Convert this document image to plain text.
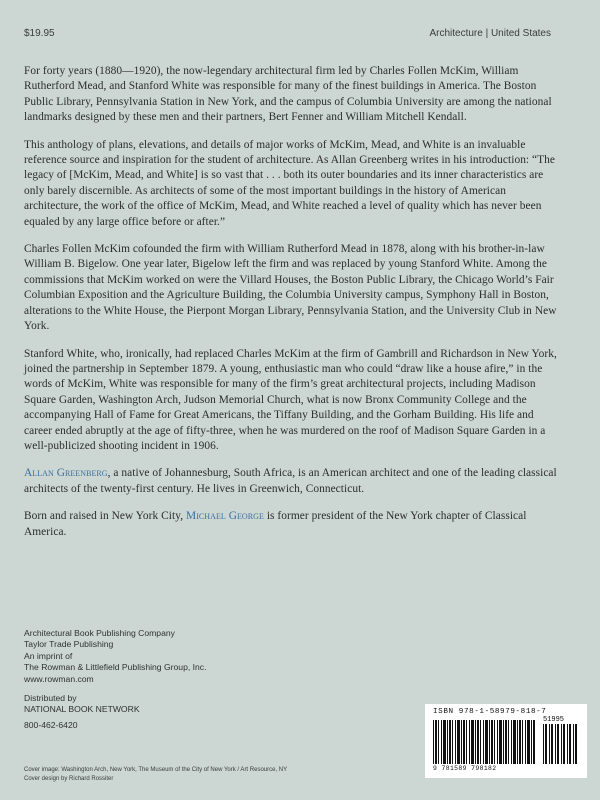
$19.95	Architecture | United States

For forty years (1880—1920), the now-legendary architectural firm led by Charles Follen McKim, William Rutherford Mead, and Stanford White was responsible for many of the finest buildings in America. The Boston Public Library, Pennsylvania Station in New York, and the campus of Columbia University are among the national landmarks designed by these men and their partners, Bert Fenner and William Mitchell Kendall.

This anthology of plans, elevations, and details of major works of McKim, Mead, and White is an invaluable reference source and inspiration for the student of architecture. As Allan Greenberg writes in his introduction: “The legacy of [McKim, Mead, and White] is so vast that . . . both its outer boundaries and its inner characteristics are only barely discernible. As architects of some of the most important buildings in the history of American architecture, the work of the office of McKim, Mead, and White reached a level of quality which has never been equaled by any large office before or after.”

Charles Follen McKim cofounded the firm with William Rutherford Mead in 1878, along with his brother-in-law William B. Bigelow. One year later, Bigelow left the firm and was replaced by young Stanford White. Among the commissions that McKim worked on were the Villard Houses, the Boston Public Library, the Chicago World’s Fair Columbian Exposition and the Agriculture Building, the Columbia University campus, Symphony Hall in Boston, alterations to the White House, the Pierpont Morgan Library, Pennsylvania Station, and the University Club in New York.

Stanford White, who, ironically, had replaced Charles McKim at the firm of Gambrill and Richardson in New York, joined the partnership in September 1879. A young, enthusiastic man who could “draw like a house afire,” in the words of McKim, White was responsible for many of the firm’s great architectural projects, including Madison Square Garden, Washington Arch, Judson Memorial Church, what is now Bronx Community College and the accompanying Hall of Fame for Great Americans, the Tiffany Building, and the Gorham Building. His life and career ended abruptly at the age of fifty-three, when he was murdered on the roof of Madison Square Garden in a well-publicized shooting incident in 1906.

Allan Greenberg, a native of Johannesburg, South Africa, is an American architect and one of the leading classical architects of the twenty-first century. He lives in Greenwich, Connecticut.

Born and raised in New York City, Michael George is former president of the New York chapter of Classical America.

Architectural Book Publishing Company
Taylor Trade Publishing
An imprint of
The Rowman & Littlefield Publishing Group, Inc.
www.rowman.com
Distributed by
NATIONAL BOOK NETWORK
800-462-6420
Cover image: Washington Arch, New York, The Museum of the City of New York / Art Resource, NY
Cover design by Richard Rossiter
ISBN 978-1-58979-818-7
51995
9 781589 798182
